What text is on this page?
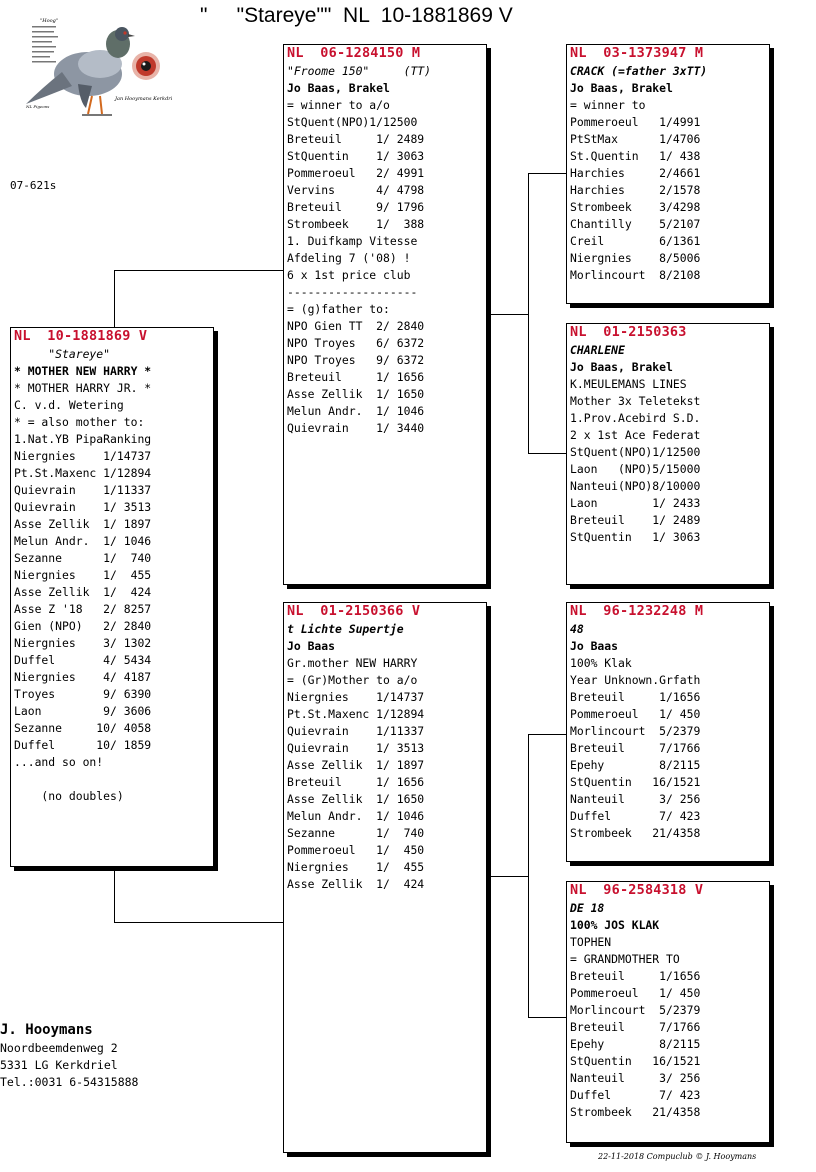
"     "Stareye""  NL  10-1881869 V
"Hoog"
Jan Hooymans Kerkdriel
NL Pigeons
07-621s
NL  10-1881869 V
"Stareye"
* MOTHER NEW HARRY *
* MOTHER HARRY JR. *
C. v.d. Wetering
* = also mother to:
1.Nat.YB PipaRanking
Niergnies    1/14737
Pt.St.Maxenc 1/12894
Quievrain    1/11337
Quievrain    1/ 3513
Asse Zellik  1/ 1897
Melun Andr.  1/ 1046
Sezanne      1/  740
Niergnies    1/  455
Asse Zellik  1/  424
Asse Z '18   2/ 8257
Gien (NPO)   2/ 2840
Niergnies    3/ 1302
Duffel       4/ 5434
Niergnies    4/ 4187
Troyes       9/ 6390
Laon         9/ 3606
Sezanne     10/ 4058
Duffel      10/ 1859
...and so on!
(no doubles)
NL  06-1284150 M
"Froome 150"     (TT)
Jo Baas, Brakel
= winner to a/o
StQuent(NPO)1/12500
Breteuil     1/ 2489
StQuentin    1/ 3063
Pommeroeul   2/ 4991
Vervins      4/ 4798
Breteuil     9/ 1796
Strombeek    1/  388
1. Duifkamp Vitesse
Afdeling 7 ('08) !
6 x 1st price club
-------------------
= (g)father to:
NPO Gien TT  2/ 2840
NPO Troyes   6/ 6372
NPO Troyes   9/ 6372
Breteuil     1/ 1656
Asse Zellik  1/ 1650
Melun Andr.  1/ 1046
Quievrain    1/ 3440
NL  01-2150366 V
t Lichte Supertje
Jo Baas
Gr.mother NEW HARRY
= (Gr)Mother to a/o
Niergnies    1/14737
Pt.St.Maxenc 1/12894
Quievrain    1/11337
Quievrain    1/ 3513
Asse Zellik  1/ 1897
Breteuil     1/ 1656
Asse Zellik  1/ 1650
Melun Andr.  1/ 1046
Sezanne      1/  740
Pommeroeul   1/  450
Niergnies    1/  455
Asse Zellik  1/  424
NL  03-1373947 M
CRACK (=father 3xTT)
Jo Baas, Brakel
= winner to
Pommeroeul   1/4991
PtStMax      1/4706
St.Quentin   1/ 438
Harchies     2/4661
Harchies     2/1578
Strombeek    3/4298
Chantilly    5/2107
Creil        6/1361
Niergnies    8/5006
Morlincourt  8/2108
NL  01-2150363
CHARLENE
Jo Baas, Brakel
K.MEULEMANS LINES
Mother 3x Teletekst
1.Prov.Acebird S.D.
2 x 1st Ace Federat
StQuent(NPO)1/12500
Laon   (NPO)5/15000
Nanteui(NPO)8/10000
Laon        1/ 2433
Breteuil    1/ 2489
StQuentin   1/ 3063
NL  96-1232248 M
48
Jo Baas
100% Klak
Year Unknown.Grfath
Breteuil     1/1656
Pommeroeul   1/ 450
Morlincourt  5/2379
Breteuil     7/1766
Epehy        8/2115
StQuentin   16/1521
Nanteuil     3/ 256
Duffel       7/ 423
Strombeek   21/4358
NL  96-2584318 V
DE 18
100% JOS KLAK
TOPHEN
= GRANDMOTHER TO
Breteuil     1/1656
Pommeroeul   1/ 450
Morlincourt  5/2379
Breteuil     7/1766
Epehy        8/2115
StQuentin   16/1521
Nanteuil     3/ 256
Duffel       7/ 423
Strombeek   21/4358
J. Hooymans
Noordbeemdenweg 2
5331 LG Kerkdriel
Tel.:0031 6-54315888
22-11-2018 Compuclub © J. Hooymans
